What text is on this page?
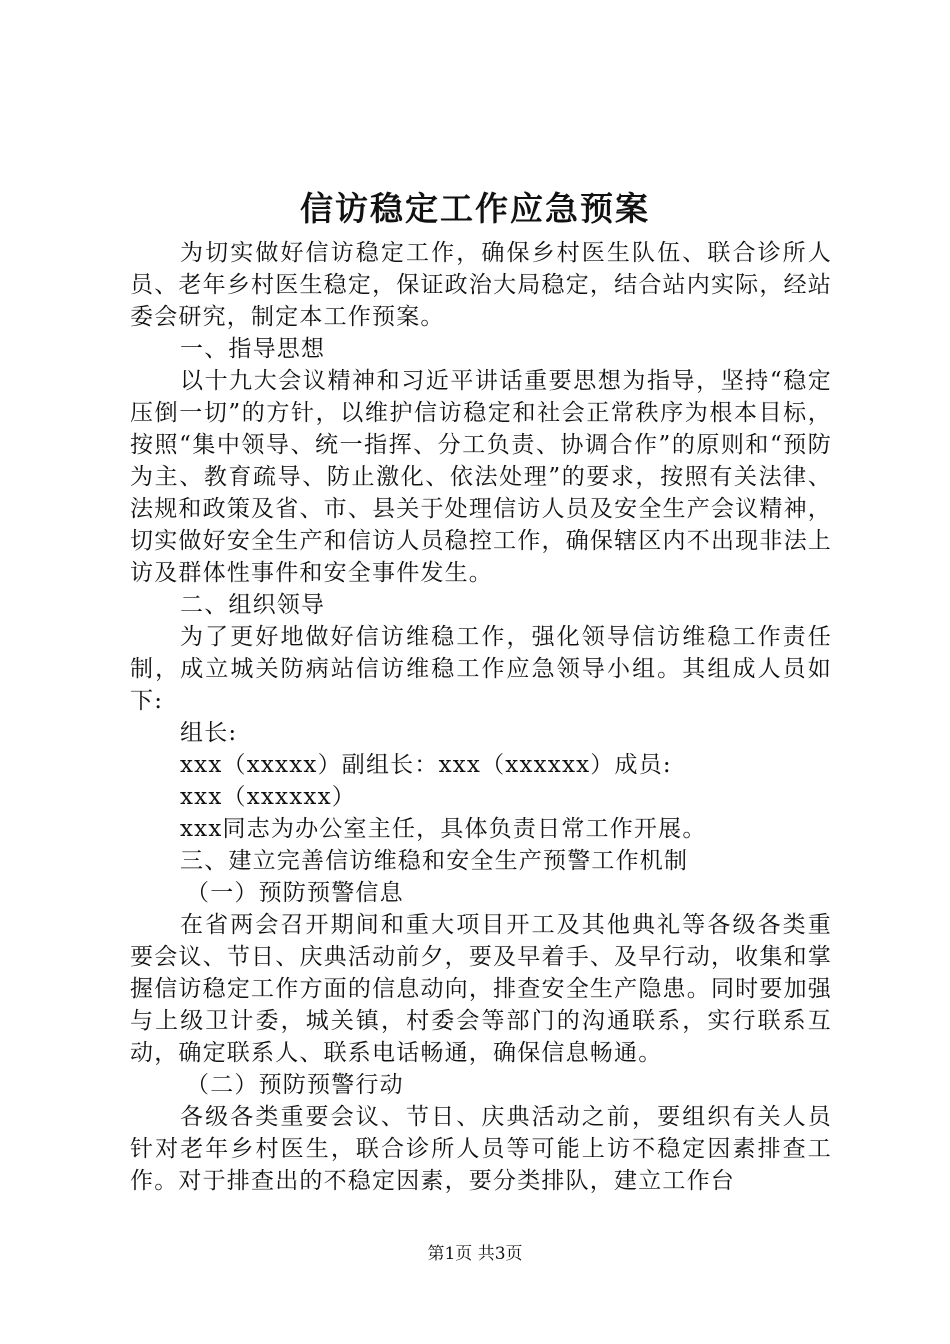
信访稳定工作应急预案

为切实做好信访稳定工作，确保乡村医生队伍、联合诊所人员、老年乡村医生稳定，保证政治大局稳定，结合站内实际，经站委会研究，制定本工作预案。

一、指导思想

以十九大会议精神和习近平讲话重要思想为指导，坚持“稳定压倒一切”的方针，以维护信访稳定和社会正常秩序为根本目标，按照“集中领导、统一指挥、分工负责、协调合作”的原则和“预防为主、教育疏导、防止激化、依法处理”的要求，按照有关法律、法规和政策及省、市、县关于处理信访人员及安全生产会议精神，切实做好安全生产和信访人员稳控工作，确保辖区内不出现非法上访及群体性事件和安全事件发生。

二、组织领导

为了更好地做好信访维稳工作，强化领导信访维稳工作责任制，成立城关防病站信访维稳工作应急领导小组。其组成人员如下:

组长:

xxx（xxxxx）副组长：xxx（xxxxxx）成员:

xxx（xxxxxx）

xxx同志为办公室主任，具体负责日常工作开展。

三、建立完善信访维稳和安全生产预警工作机制

（一）预防预警信息

在省两会召开期间和重大项目开工及其他典礼等各级各类重要会议、节日、庆典活动前夕，要及早着手、及早行动，收集和掌握信访稳定工作方面的信息动向，排查安全生产隐患。同时要加强与上级卫计委，城关镇，村委会等部门的沟通联系，实行联系互动，确定联系人、联系电话畅通，确保信息畅通。

（二）预防预警行动

各级各类重要会议、节日、庆典活动之前，要组织有关人员针对老年乡村医生，联合诊所人员等可能上访不稳定因素排查工作。对于排查出的不稳定因素，要分类排队，建立工作台

第1页 共3页
